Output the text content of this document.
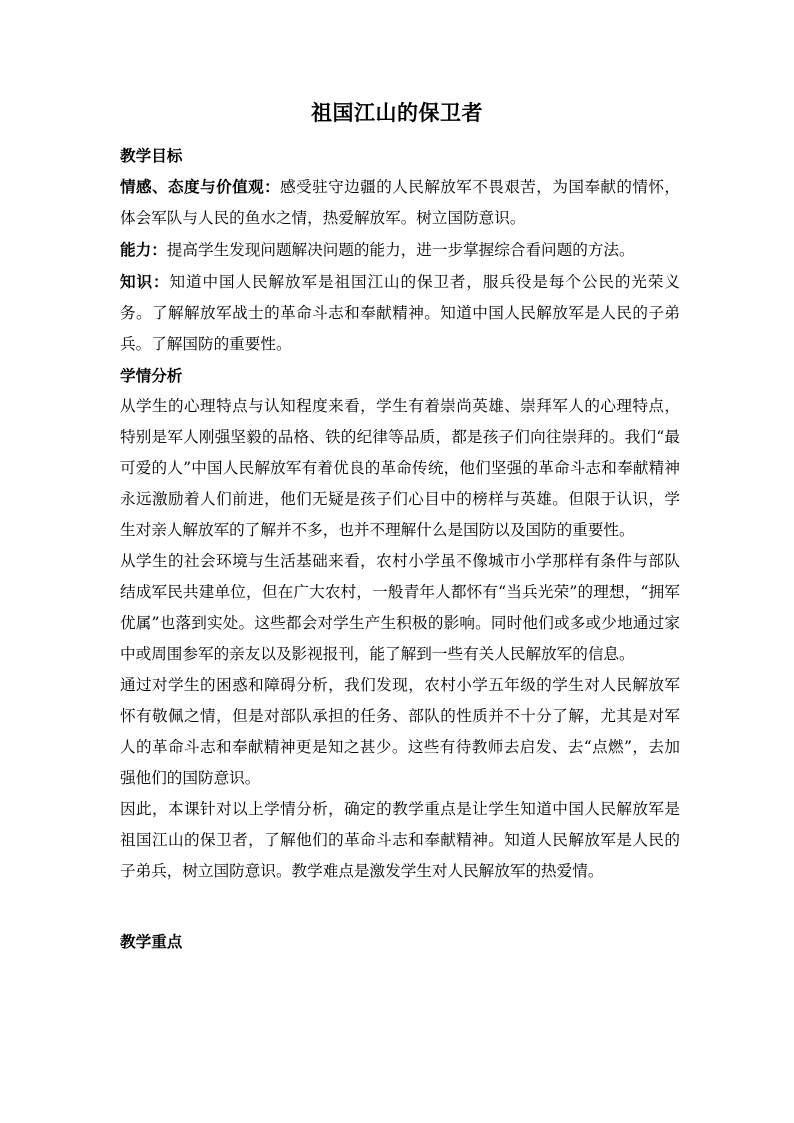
祖国江山的保卫者

教学目标

情感、态度与价值观：感受驻守边疆的人民解放军不畏艰苦，为国奉献的情怀，体会军队与人民的鱼水之情，热爱解放军。树立国防意识。

能力：提高学生发现问题解决问题的能力，进一步掌握综合看问题的方法。

知识：知道中国人民解放军是祖国江山的保卫者，服兵役是每个公民的光荣义务。了解解放军战士的革命斗志和奉献精神。知道中国人民解放军是人民的子弟兵。了解国防的重要性。

学情分析

从学生的心理特点与认知程度来看，学生有着崇尚英雄、崇拜军人的心理特点，特别是军人刚强坚毅的品格、铁的纪律等品质，都是孩子们向往崇拜的。我们“最可爱的人”中国人民解放军有着优良的革命传统，他们坚强的革命斗志和奉献精神永远激励着人们前进，他们无疑是孩子们心目中的榜样与英雄。但限于认识，学生对亲人解放军的了解并不多，也并不理解什么是国防以及国防的重要性。

从学生的社会环境与生活基础来看，农村小学虽不像城市小学那样有条件与部队结成军民共建单位，但在广大农村，一般青年人都怀有“当兵光荣”的理想，“拥军优属”也落到实处。这些都会对学生产生积极的影响。同时他们或多或少地通过家中或周围参军的亲友以及影视报刊，能了解到一些有关人民解放军的信息。

通过对学生的困惑和障碍分析，我们发现，农村小学五年级的学生对人民解放军怀有敬佩之情，但是对部队承担的任务、部队的性质并不十分了解，尤其是对军人的革命斗志和奉献精神更是知之甚少。这些有待教师去启发、去“点燃”，去加强他们的国防意识。

因此，本课针对以上学情分析，确定的教学重点是让学生知道中国人民解放军是祖国江山的保卫者，了解他们的革命斗志和奉献精神。知道人民解放军是人民的子弟兵，树立国防意识。教学难点是激发学生对人民解放军的热爱情。

教学重点
